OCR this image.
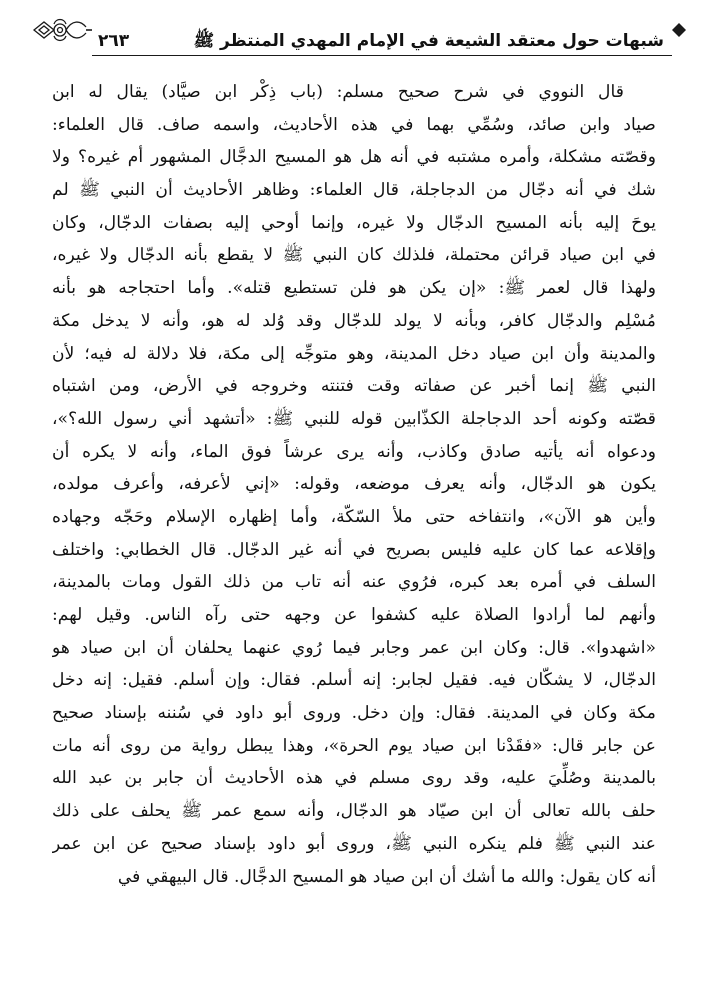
شبهات حول معتقد الشيعة في الإمام المهدي المنتظر ﷺ
٢٦٣
قال النووي في شرح صحيح مسلم: (باب ذِكْر ابن صيَّاد) يقال له ابن
صياد وابن صائد، وسُمِّي بهما في هذه الأحاديث، واسمه صاف. قال العلماء:
وقصّته مشكلة، وأمره مشتبه في أنه هل هو المسيح الدجَّال المشهور أم غيره؟ ولا
شك في أنه دجّال من الدجاجلة، قال العلماء: وظاهر الأحاديث أن النبي ﷺ لم
يوحَ إليه بأنه المسيح الدجّال ولا غيره، وإنما أوحي إليه بصفات الدجّال، وكان
في ابن صياد قرائن محتملة، فلذلك كان النبي ﷺ لا يقطع بأنه الدجّال ولا غيره،
ولهذا قال لعمر ﷺ: «إن يكن هو فلن تستطيع قتله». وأما احتجاجه هو بأنه
مُسْلِم والدجّال كافر، وبأنه لا يولد للدجّال وقد وُلد له هو، وأنه لا يدخل مكة
والمدينة وأن ابن صياد دخل المدينة، وهو متوجِّه إلى مكة، فلا دلالة له فيه؛ لأن
النبي ﷺ إنما أخبر عن صفاته وقت فتنته وخروجه في الأرض، ومن اشتباه
قصّته وكونه أحد الدجاجلة الكذّابين قوله للنبي ﷺ: «أتشهد أني رسول الله؟»،
ودعواه أنه يأتيه صادق وكاذب، وأنه يرى عرشاً فوق الماء، وأنه لا يكره أن
يكون هو الدجّال، وأنه يعرف موضعه، وقوله: «إني لأعرفه، وأعرف مولده،
وأين هو الآن»، وانتفاخه حتى ملأ السّكّة، وأما إظهاره الإسلام وحَجّه وجهاده
وإقلاعه عما كان عليه فليس بصريح في أنه غير الدجّال. قال الخطابي: واختلف
السلف في أمره بعد كبره، فرُوي عنه أنه تاب من ذلك القول ومات بالمدينة،
وأنهم لما أرادوا الصلاة عليه كشفوا عن وجهه حتى رآه الناس. وقيل لهم:
«اشهدوا». قال: وكان ابن عمر وجابر فيما رُوي عنهما يحلفان أن ابن صياد هو
الدجّال، لا يشكّان فيه. فقيل لجابر: إنه أسلم. فقال: وإن أسلم. فقيل: إنه دخل
مكة وكان في المدينة. فقال: وإن دخل. وروى أبو داود في سُننه بإسناد صحيح
عن جابر قال: «فقَدْنا ابن صياد يوم الحرة»، وهذا يبطل رواية من روى أنه مات
بالمدينة وصُلِّيَ عليه، وقد روى مسلم في هذه الأحاديث أن جابر بن عبد الله
حلف بالله تعالى أن ابن صيّاد هو الدجّال، وأنه سمع عمر ﷺ يحلف على ذلك
عند النبي ﷺ فلم ينكره النبي ﷺ، وروى أبو داود بإسناد صحيح عن ابن عمر
أنه كان يقول: والله ما أشك أن ابن صياد هو المسيح الدجَّال. قال البيهقي في
